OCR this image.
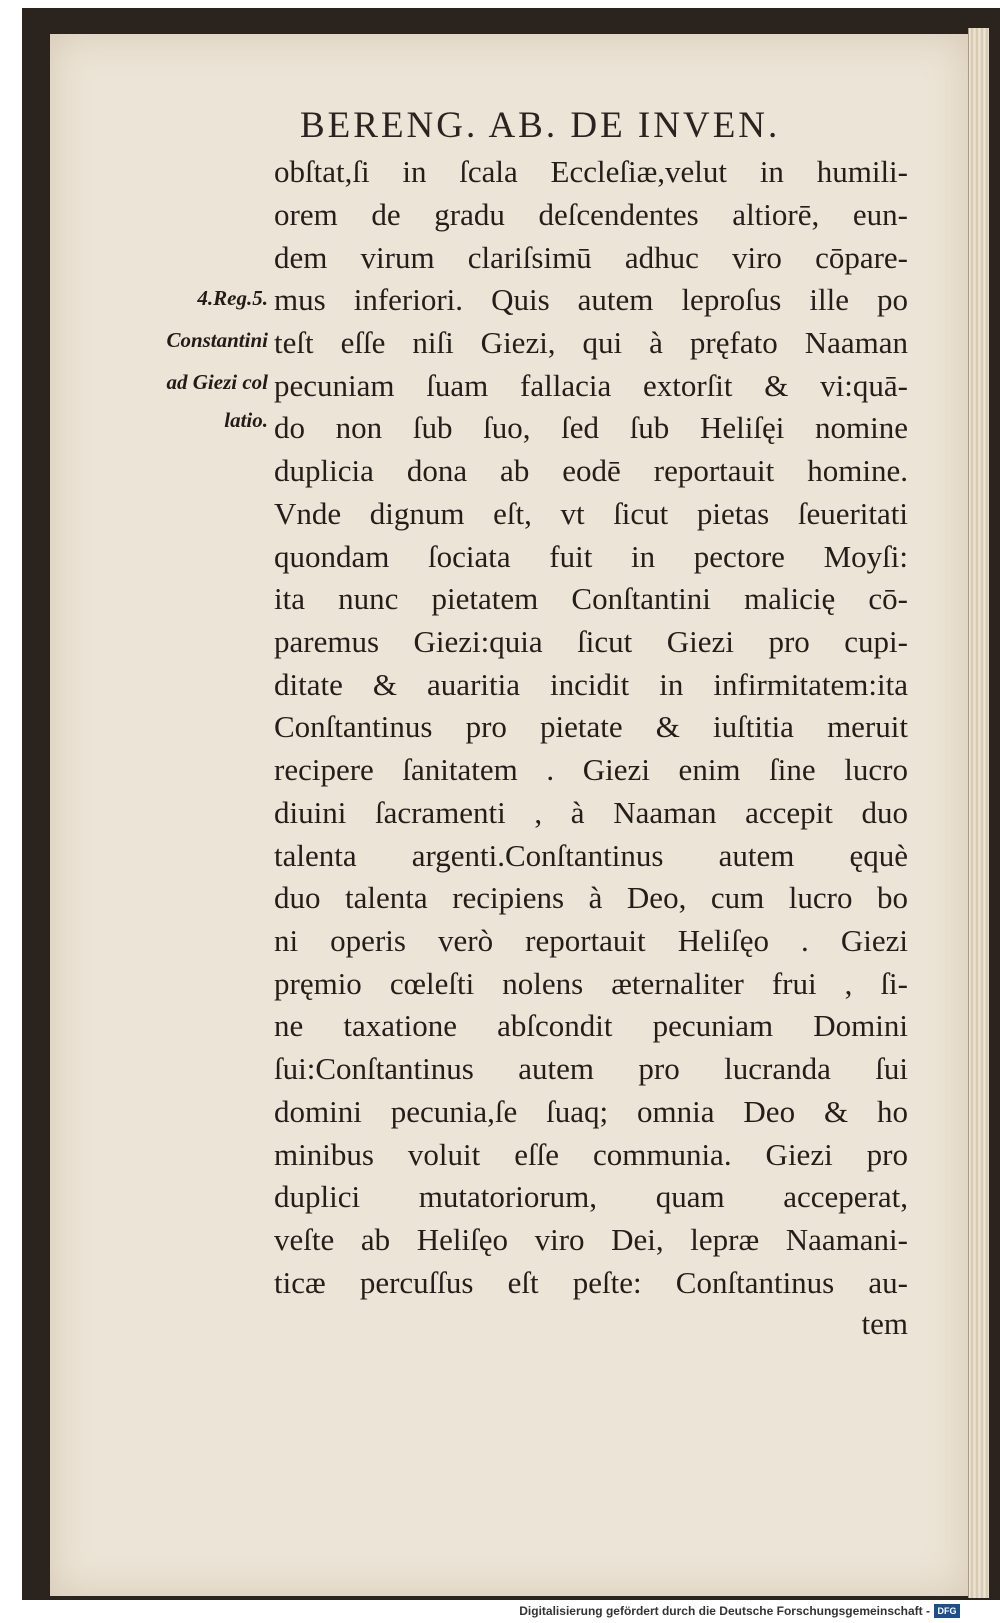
BERENG. AB. DE INVEN.
4.Reg.5.
Constantini
ad Giezi col
latio.
obſtat,ſi in ſcala Eccleſiæ,velut in humili-
orem de gradu deſcendentes altiorē, eun-
dem virum clariſsimū adhuc viro cōpare-
mus inferiori. Quis autem leproſus ille po
teſt eſſe niſi Giezi, qui à pręfato Naaman
pecuniam ſuam fallacia extorſit & vi:quā-
do non ſub ſuo, ſed ſub Heliſęi nomine
duplicia dona ab eodē reportauit homine.
Vnde dignum eſt, vt ſicut pietas ſeueritati
quondam ſociata fuit in pectore Moyſi:
ita nunc pietatem Conſtantini malicię cō-
paremus Giezi:quia ſicut Giezi pro cupi-
ditate & auaritia incidit in infirmitatem:ita
Conſtantinus pro pietate & iuſtitia meruit
recipere ſanitatem . Giezi enim ſine lucro
diuini ſacramenti , à Naaman accepit duo
talenta argenti.Conſtantinus autem ęquè
duo talenta recipiens à Deo, cum lucro bo
ni operis verò reportauit Heliſęo . Giezi
pręmio cœleſti nolens æternaliter frui , ſi-
ne taxatione abſcondit pecuniam Domini
ſui:Conſtantinus autem pro lucranda ſui
domini pecunia,ſe ſuaq; omnia Deo & ho
minibus voluit eſſe communia. Giezi pro
duplici mutatoriorum, quam acceperat,
veſte ab Heliſęo viro Dei, lepræ Naamani-
ticæ percuſſus eſt peſte: Conſtantinus au-
tem
Digitalisierung gefördert durch die Deutsche Forschungsgemeinschaft - DFG
